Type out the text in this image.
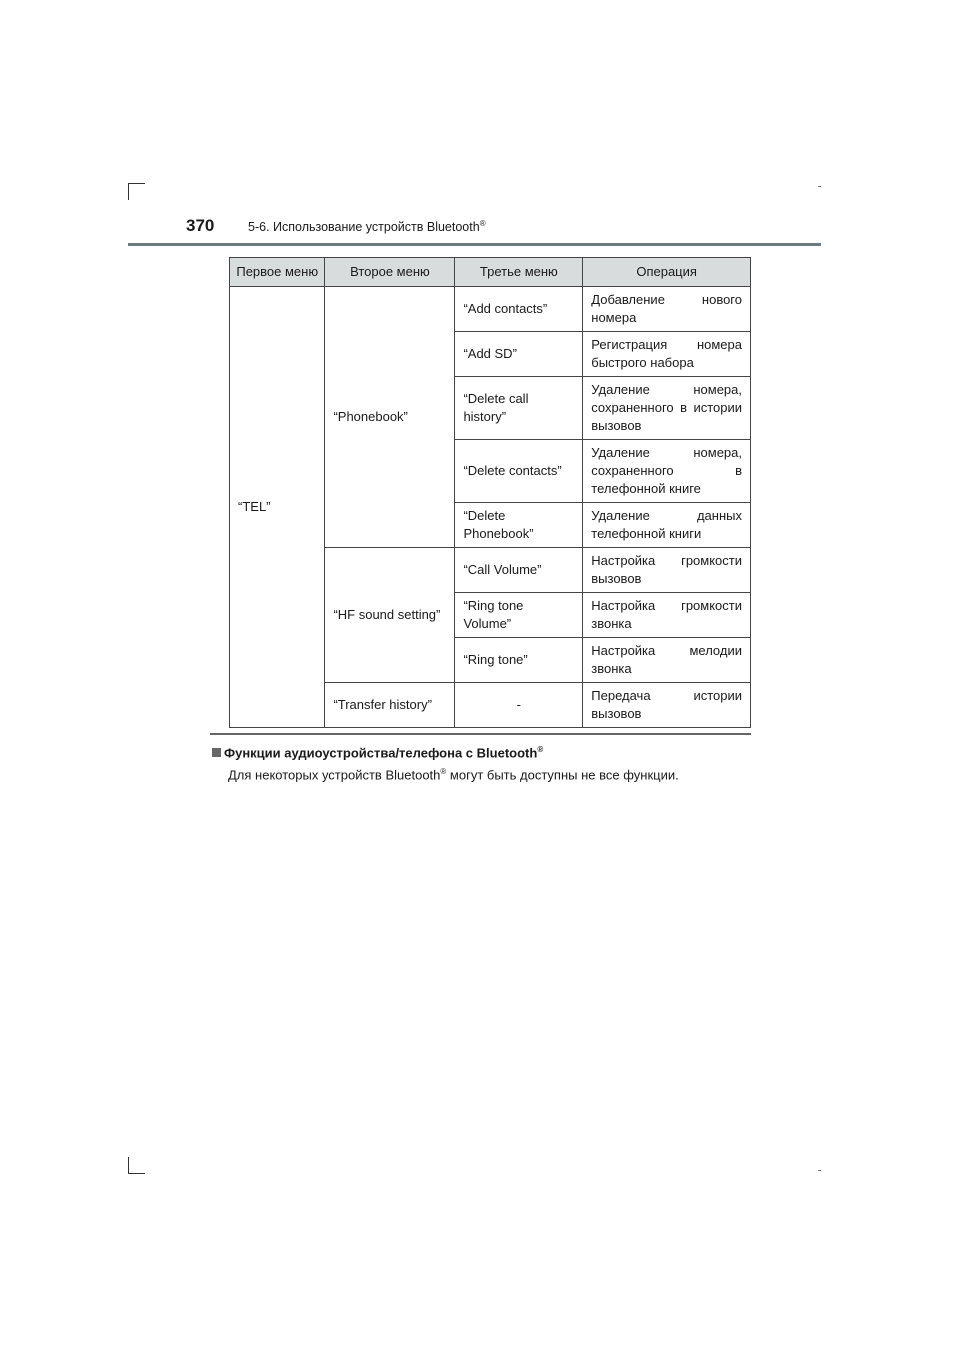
370	5-6. Использование устройств Bluetooth®
Первое меню	Второе меню	Третье меню	Операция
“TEL”	“Phonebook”	“Add contacts”	Добавление нового номера
		“Add SD”	Регистрация номера быстрого набора
		“Delete call history”	Удаление номера, сохраненного в истории вызовов
		“Delete contacts”	Удаление номера, сохраненного в телефонной книге
		“Delete Phonebook”	Удаление данных телефонной книги
	“HF sound setting”	“Call Volume”	Настройка громкости вызовов
		“Ring tone Volume”	Настройка громкости звонка
		“Ring tone”	Настройка мелодии звонка
	“Transfer history”	-	Передача истории вызовов
Функции аудиоустройства/телефона с Bluetooth®
Для некоторых устройств Bluetooth® могут быть доступны не все функции.
